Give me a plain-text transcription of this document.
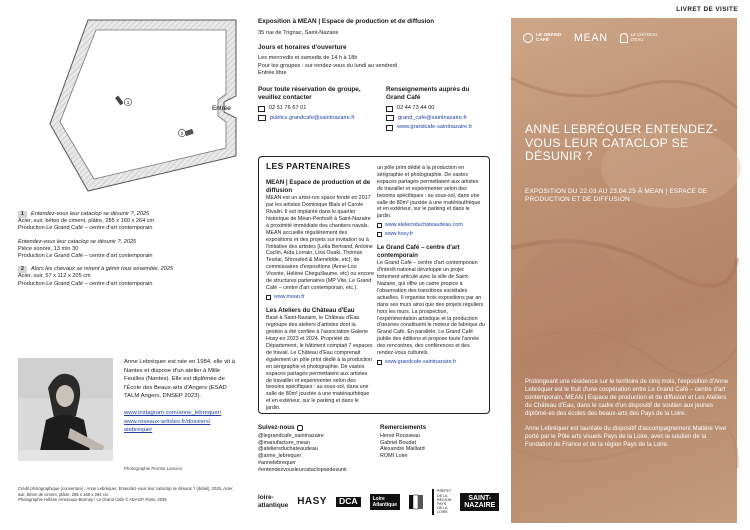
1
2
Entrée
1 Entendez-vous leur cataclop se désunir ?, 2025
Acier, suir, béton de ciment, plâtre, 285 x 160 x 264 cm
Production Le Grand Café – centre d'art contemporain
Entendez-vous leur cataclop se désunir ?, 2025
Pièce sonore, 13 min 30
Production Le Grand Café – centre d'art contemporain
2 Alors les chevaux se mirent à gémir tous ensemble, 2025
Acier, suir, 57 x 112 x 205 cm
Production Le Grand Café – centre d'art contemporain
Anne Lebréquer est née en 1984, elle vit à Nantes et dispose d'un atelier à Mille Feuilles (Nantes). Elle est diplômée de l'École des Beaux-arts d'Angers (ESAD TALM Angers, DNSEP 2023).
www.instagram.com/anne_lebrequer/
www.reseaux-artistes.fr/dossiers/ alebrequer
Photographie Perrine Lancien
Crédit photographique (couverture) : Anne Lebréquer, Entendez-vous leur cataclop se désunir ? (détail), 2025. Acier, suir, béton de ciment, plâtre, 285 x 160 x 264 cm.
Photographie Hélène Amereaux-Bonnay / Le Grand Café © ADAGP, Paris, 2025
Exposition à MEAN | Espace de production et de diffusion
35 rue de Trignac, Saint-Nazaire
Jours et horaires d'ouverture
Les mercredis et samedis de 14 h à 18h
Pour les groupes : sur rendez-vous du lundi au vendredi
Entrée libre
Pour toute réservation de groupe, veuillez contacter
02 51 76 67 01
publics.grandcafe@saintnazaire.fr
Renseignements auprès du Grand Café
02 44 73 44 00
grand_cafe@saintnazaire.fr
www.grandcafe-saintnazaire.fr
LES PARTENAIRES
MEAN | Espace de production et de diffusion
MEAN est un artist-run space fondé en 2017 par les artistes Dominique Blais et Carole Rivalin. Il est implanté dans le quartier historique de Méan-Penhoët à Saint-Nazaire à proximité immédiate des chantiers navals. MEAN accueille régulièrement des expositions et des projets sur invitation ou à l'initiative des artistes (Leila Bertrand, Antoine Caclin, Aïda Lorrain, Lisa Ouaki, Thomas Teurlai, Shrouded & Mameldde, etc), de commissaires d'expositions (Anne-Lou Vicente, Hélène Cheguillaume, etc) ou encore de structures partenaires (MP Vite, Le Grand Café – centre d'art contemporain, etc.).
www.mean.fr
Les Ateliers du Château d'Eau
Basé à Saint-Nazaire, le Château d'Eau regroupe des ateliers d'artistes dont la gestion a été confiée à l'association Galerie Hosy en 2023 et 2024. Propriété du Département, le bâtiment comptait 7 espaces de travail. Le Château d'Eau comprenait également un pôle print dédié à la production en sérigraphie et photographie. De vastes espaces partagés permettaient aux artistes de travailler et expérimenter selon des besoins spécifiques : au sous-sol, dans une salle de 80m² jouxtée à une matériauthèque et en extérieur, sur le parking et dans le jardin.
un pôle print dédié à la production en sérigraphie et photographie. De vastes espaces partagés permettaient aux artistes de travailler et expérimenter selon des besoins spécifiques : au sous-sol, dans une salle de 80m² jouxtée à une matériauthèque et en extérieur, sur le parking et dans le jardin.
www.ateliersduchateaudeau.com
www.hosy.fr
Le Grand Café – centre d'art contemporain
Le Grand Café – centre d'art contemporain d'intérêt national développe un projet fortement articulé avec la ville de Saint-Nazaire, qui offre un cadre propice à l'observation des transitions sociétales actuelles. Il organise trois expositions par an dans ses murs ainsi que des projets réguliers hors les murs. La prospection, l'expérimentation artistique et la production d'œuvres constituent le moteur de fabrique du Grand Café. En parallèle, Le Grand Café publie des éditions et propose toute l'année des rencontres, des conférences et des rendez-vous culturels.
www.grandcafe-saintnazaire.fr
Suivez-nous
@legrandcafe_saintnazaire
@manufacture_mean
@ateliersduchateaudeau
@anne_lebrequer
#annelebrequer
#entendezvousleurcataclopsedesunir
Remerciements
Hervé Rousseau
Gabriel Boudat
Alexandre Maillard
ROMI Loire
loire-atlantique HASY	DCA	Loire Atlantique
PRÉFET DE LA RÉGION PAYS DE LA LOIRE
SAINT-
NAZAIRE
LIVRET DE VISITE
LE GRAND CAFÉ	MEAN	LE CHÂTEAU D'EAU
ANNE LEBRÉQUER ENTENDEZ-VOUS LEUR CATACLOP SE DÉSUNIR ?
EXPOSITION DU 22.03 AU 23.04.25 À MEAN | ESPACE DE PRODUCTION ET DE DIFFUSION

Prolongeant une résidence sur le territoire de cinq mois, l'exposition d'Anne Lebréquer est le fruit d'une coopération entre Le Grand Café – centre d'art contemporain, MEAN | Espace de production et de diffusion et Les Ateliers du Château d'Eau, dans le cadre d'un dispositif de soutien aux jeunes diplômé·es des écoles des beaux-arts des Pays de la Loire.

Anne Lebréquer est lauréate du dispositif d'accompagnement Matière Vive porté par le Pôle arts visuels Pays de la Loire, avec le soutien de la Fondation de France et de la région Pays de la Loire.
